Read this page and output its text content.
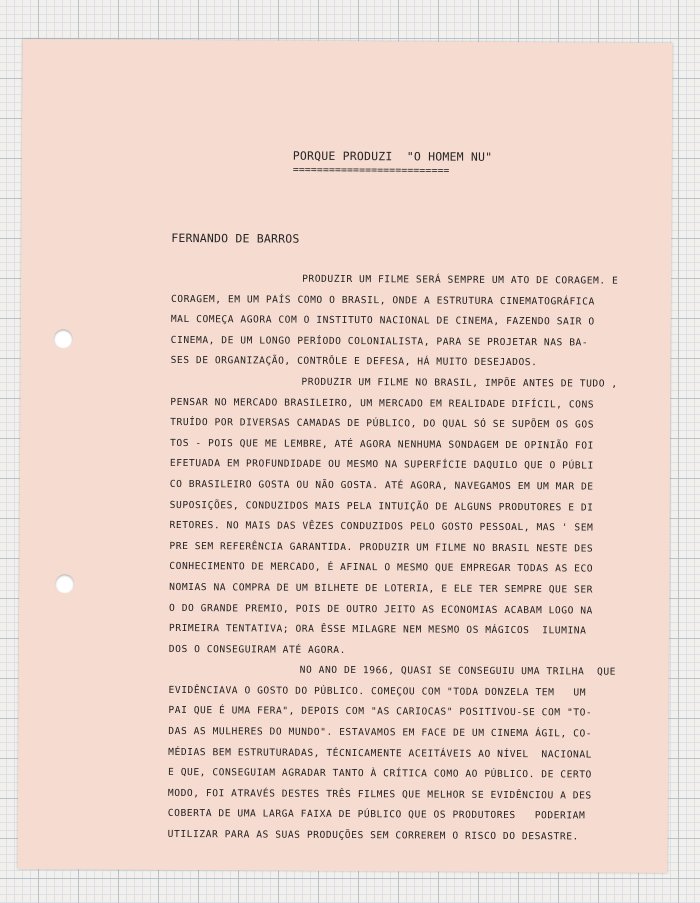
PORQUE PRODUZI  "O HOMEM NU"
==========================
FERNANDO DE BARROS
PRODUZIR UM FILME SERÁ SEMPRE UM ATO DE CORAGEM. E
CORAGEM, EM UM PAÍS COMO O BRASIL, ONDE A ESTRUTURA CINEMATOGRÁFICA
MAL COMEÇA AGORA COM O INSTITUTO NACIONAL DE CINEMA, FAZENDO SAIR O
CINEMA, DE UM LONGO PERÍODO COLONIALISTA, PARA SE PROJETAR NAS BA-
SES DE ORGANIZAÇÃO, CONTRÔLE E DEFESA, HÁ MUITO DESEJADOS.
PRODUZIR UM FILME NO BRASIL, IMPÕE ANTES DE TUDO ,
PENSAR NO MERCADO BRASILEIRO, UM MERCADO EM REALIDADE DIFÍCIL, CONS
TRUÍDO POR DIVERSAS CAMADAS DE PÚBLICO, DO QUAL SÓ SE SUPÕEM OS GOS
TOS - POIS QUE ME LEMBRE, ATÉ AGORA NENHUMA SONDAGEM DE OPINIÃO FOI
EFETUADA EM PROFUNDIDADE OU MESMO NA SUPERFÍCIE DAQUILO QUE O PÚBLI
CO BRASILEIRO GOSTA OU NÃO GOSTA. ATÉ AGORA, NAVEGAMOS EM UM MAR DE
SUPOSIÇÕES, CONDUZIDOS MAIS PELA INTUIÇÃO DE ALGUNS PRODUTORES E DI
RETORES. NO MAIS DAS VÊZES CONDUZIDOS PELO GOSTO PESSOAL, MAS ' SEM
PRE SEM REFERÊNCIA GARANTIDA. PRODUZIR UM FILME NO BRASIL NESTE DES
CONHECIMENTO DE MERCADO, É AFINAL O MESMO QUE EMPREGAR TODAS AS ECO
NOMIAS NA COMPRA DE UM BILHETE DE LOTERIA, E ELE TER SEMPRE QUE SER
O DO GRANDE PREMIO, POIS DE OUTRO JEITO AS ECONOMIAS ACABAM LOGO NA
PRIMEIRA TENTATIVA; ORA ÊSSE MILAGRE NEM MESMO OS MÁGICOS  ILUMINA
DOS O CONSEGUIRAM ATÉ AGORA.
NO ANO DE 1966, QUASI SE CONSEGUIU UMA TRILHA  QUE
EVIDÊNCIAVA O GOSTO DO PÚBLICO. COMEÇOU COM "TODA DONZELA TEM   UM
PAI QUE É UMA FERA", DEPOIS COM "AS CARIOCAS" POSITIVOU-SE COM "TO-
DAS AS MULHERES DO MUNDO". ESTAVAMOS EM FACE DE UM CINEMA ÁGIL, CO-
MÉDIAS BEM ESTRUTURADAS, TÉCNICAMENTE ACEITÁVEIS AO NÍVEL  NACIONAL
E QUE, CONSEGUIAM AGRADAR TANTO À CRÍTICA COMO AO PÚBLICO. DE CERTO
MODO, FOI ATRAVÉS DESTES TRÊS FILMES QUE MELHOR SE EVIDÊNCIOU A DES
COBERTA DE UMA LARGA FAIXA DE PÚBLICO QUE OS PRODUTORES   PODERIAM
UTILIZAR PARA AS SUAS PRODUÇÕES SEM CORREREM O RISCO DO DESASTRE.
